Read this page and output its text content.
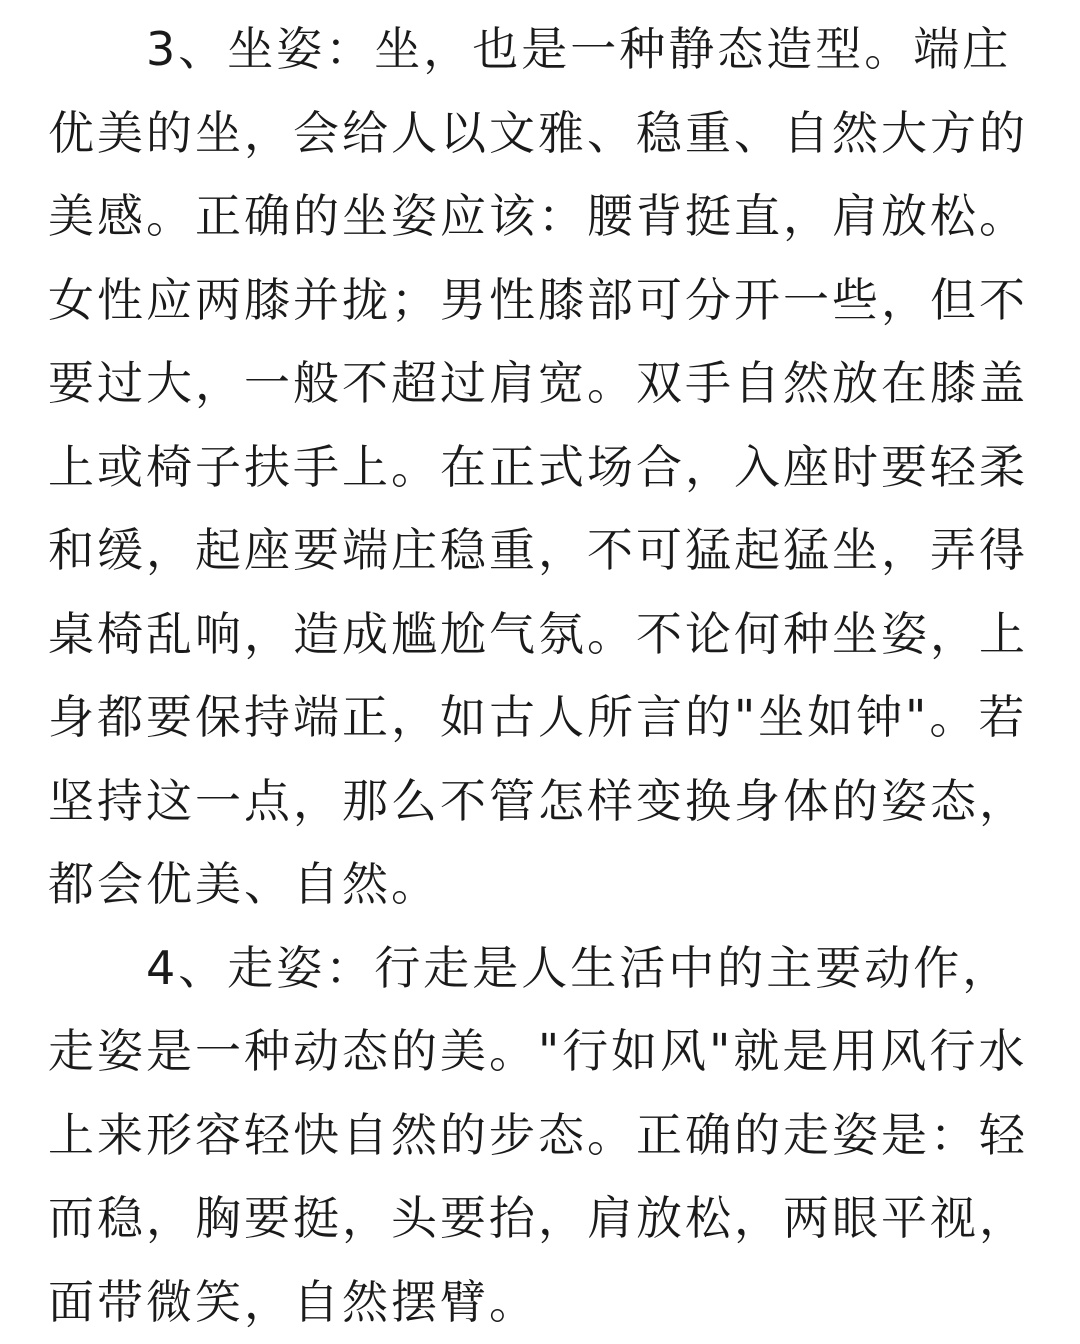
3、坐姿：坐，也是一种静态造型。端庄
优美的坐，会给人以文雅、稳重、自然大方的
美感。正确的坐姿应该：腰背挺直，肩放松。
女性应两膝并拢；男性膝部可分开一些，但不
要过大，一般不超过肩宽。双手自然放在膝盖
上或椅子扶手上。在正式场合，入座时要轻柔
和缓，起座要端庄稳重，不可猛起猛坐，弄得
桌椅乱响，造成尴尬气氛。不论何种坐姿，上
身都要保持端正，如古人所言的"坐如钟"。若
坚持这一点，那么不管怎样变换身体的姿态，
都会优美、自然。
4、走姿：行走是人生活中的主要动作，
走姿是一种动态的美。"行如风"就是用风行水
上来形容轻快自然的步态。正确的走姿是：轻
而稳，胸要挺，头要抬，肩放松，两眼平视，
面带微笑，自然摆臂。
